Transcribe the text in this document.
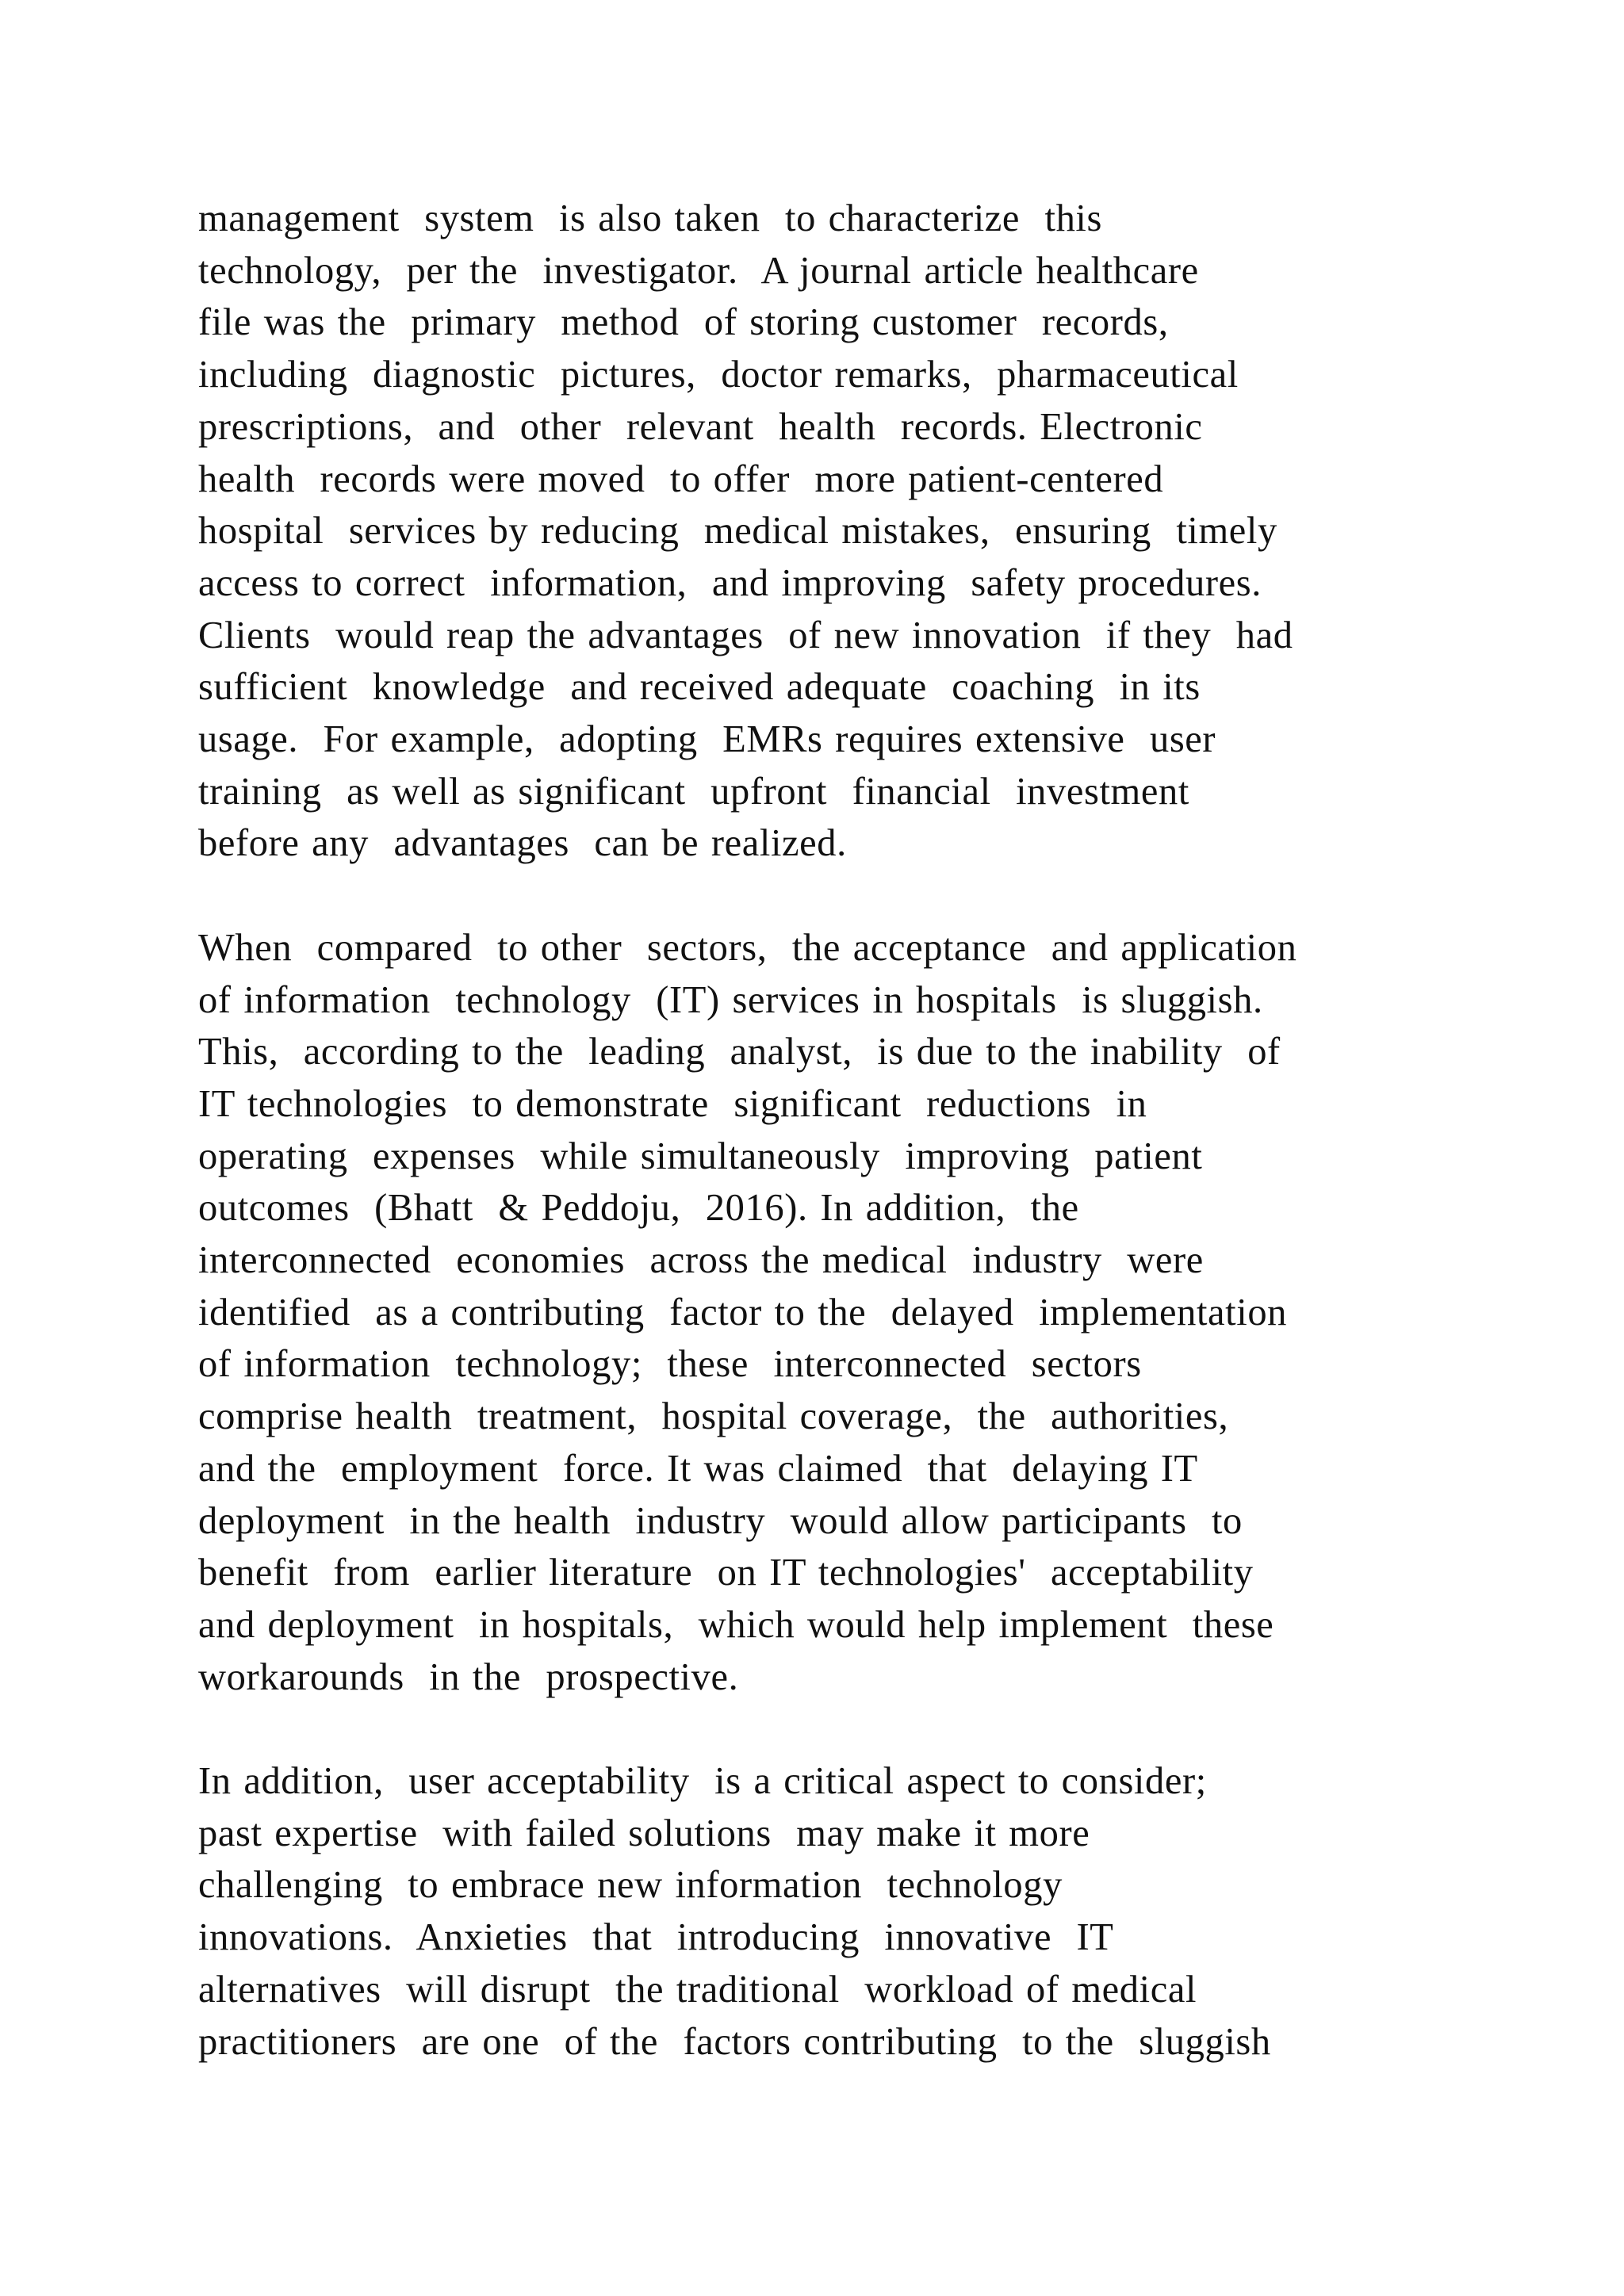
management  system  is also taken  to characterize  this
technology,  per the  investigator.  A journal article healthcare
file was the  primary  method  of storing customer  records,
including  diagnostic  pictures,  doctor remarks,  pharmaceutical
prescriptions,  and  other  relevant  health  records. Electronic
health  records were moved  to offer  more patient-centered
hospital  services by reducing  medical mistakes,  ensuring  timely
access to correct  information,  and improving  safety procedures.
Clients  would reap the advantages  of new innovation  if they  had
sufficient  knowledge  and received adequate  coaching  in its
usage.  For example,  adopting  EMRs requires extensive  user
training  as well as significant  upfront  financial  investment
before any  advantages  can be realized.

When  compared  to other  sectors,  the acceptance  and application
of information  technology  (IT) services in hospitals  is sluggish.
This,  according to the  leading  analyst,  is due to the inability  of
IT technologies  to demonstrate  significant  reductions  in
operating  expenses  while simultaneously  improving  patient
outcomes  (Bhatt  & Peddoju,  2016). In addition,  the
interconnected  economies  across the medical  industry  were
identified  as a contributing  factor to the  delayed  implementation
of information  technology;  these  interconnected  sectors
comprise health  treatment,  hospital coverage,  the  authorities,
and the  employment  force. It was claimed  that  delaying IT
deployment  in the health  industry  would allow participants  to
benefit  from  earlier literature  on IT technologies'  acceptability
and deployment  in hospitals,  which would help implement  these
workarounds  in the  prospective.

In addition,  user acceptability  is a critical aspect to consider;
past expertise  with failed solutions  may make it more
challenging  to embrace new information  technology
innovations.  Anxieties  that  introducing  innovative  IT
alternatives  will disrupt  the traditional  workload of medical
practitioners  are one  of the  factors contributing  to the  sluggish
